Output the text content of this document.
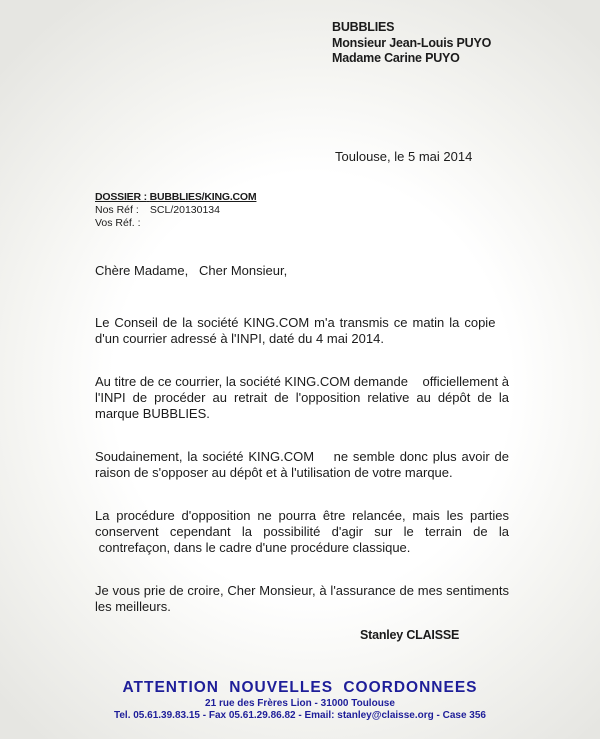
BUBBLIES
Monsieur Jean-Louis PUYO
Madame Carine PUYO
Toulouse, le 5 mai 2014
DOSSIER : BUBBLIES/KING.COM
Nos Réf : SCL/20130134
Vos Réf. :
Chère Madame,   Cher Monsieur,

Le Conseil de la société KING.COM m'a transmis ce matin la copie    d'un courrier adressé à l'INPI, daté du 4 mai 2014.

Au titre de ce courrier, la société KING.COM demande    officiellement à l'INPI de procéder au retrait de l'opposition relative au dépôt de la marque BUBBLIES.

Soudainement, la société KING.COM    ne semble donc plus avoir de raison de s'opposer au dépôt et à l'utilisation de votre marque.

La procédure d'opposition ne pourra être relancée, mais les parties conservent cependant la possibilité d'agir sur le terrain de la  contrefaçon, dans le cadre d'une procédure classique.

Je vous prie de croire, Cher Monsieur, à l'assurance de mes sentiments les meilleurs.

Stanley CLAISSE
ATTENTION NOUVELLES COORDONNEES
21 rue des Frères Lion - 31000 Toulouse
Tel. 05.61.39.83.15 - Fax 05.61.29.86.82 - Email: stanley@claisse.org - Case 356
